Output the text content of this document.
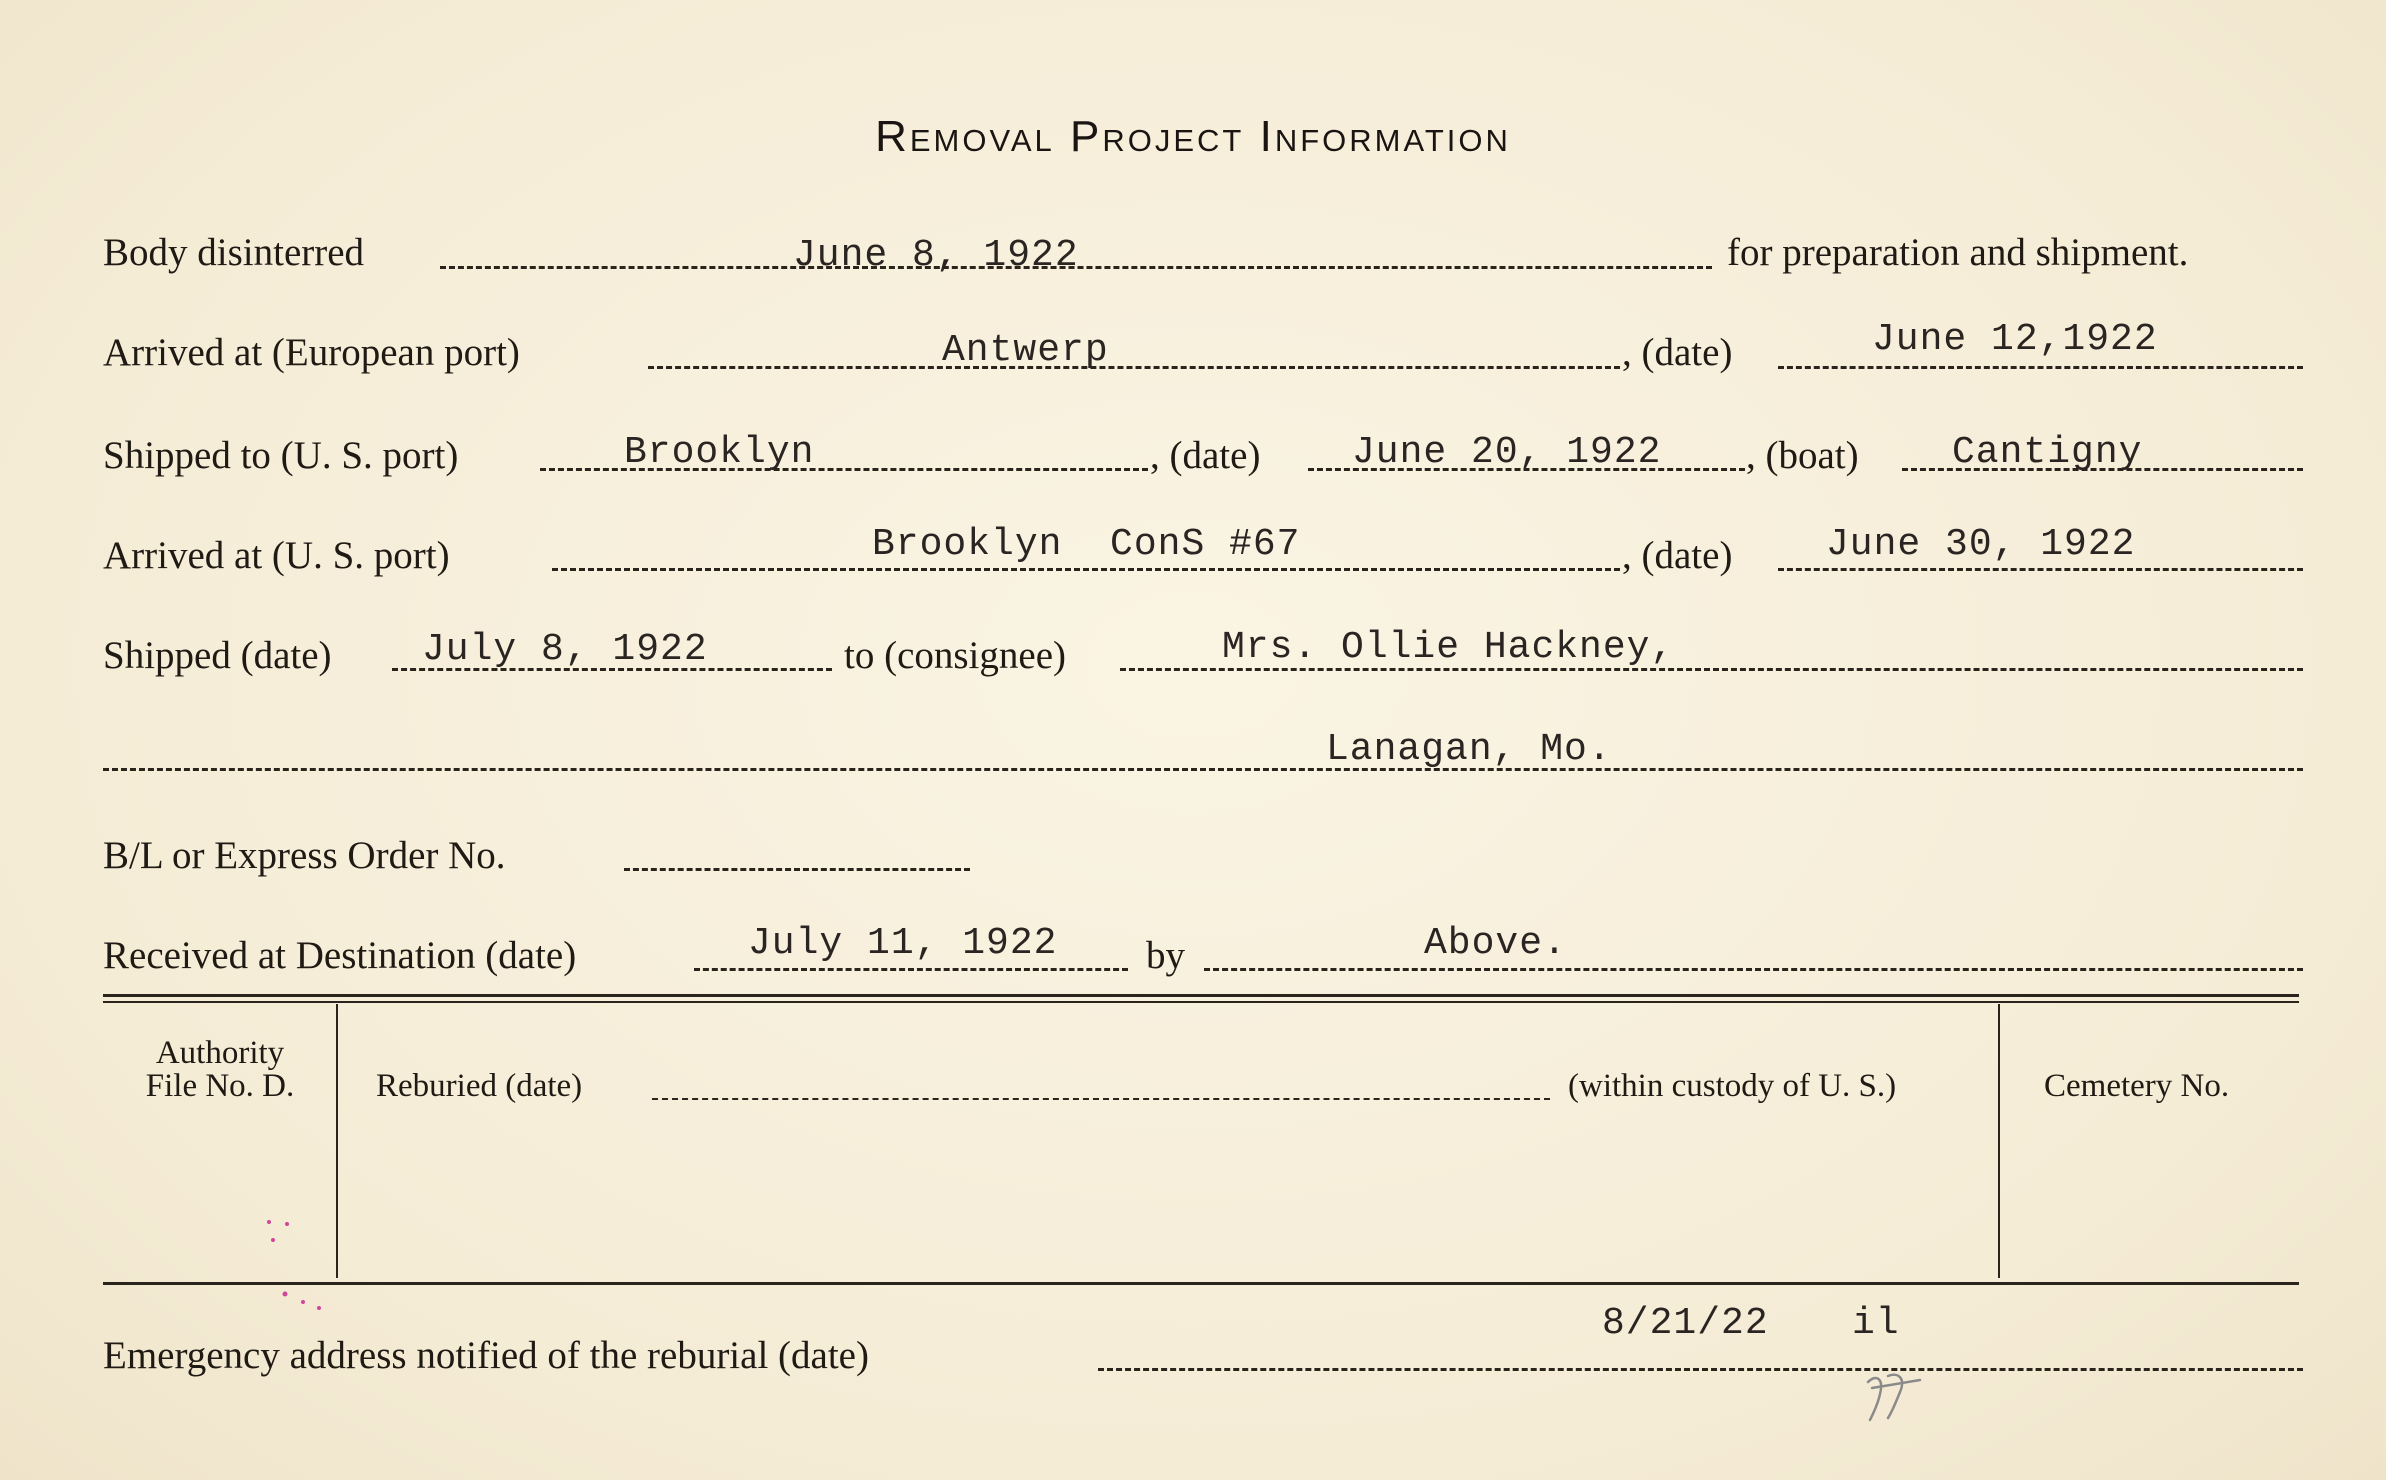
Removal Project Information
Body disinterred	June 8, 1922	for preparation and shipment.
Arrived at (European port)	Antwerp	, (date)	June 12,1922
Shipped to (U. S. port)	Brooklyn	, (date) June 20, 1922 , (boat) Cantigny
Arrived at (U. S. port)	Brooklyn  ConS #67	, (date) June 30, 1922
Shipped (date) July 8, 1922	to (consignee)	Mrs. Ollie Hackney,
Lanagan, Mo.
B/L or Express Order No.
Received at Destination (date)	July 11, 1922 by	Above.
Authority
File No. D.	Reburied (date)	(within custody of U. S.)	Cemetery No.
Emergency address notified of the reburial (date)
8/21/22 il
